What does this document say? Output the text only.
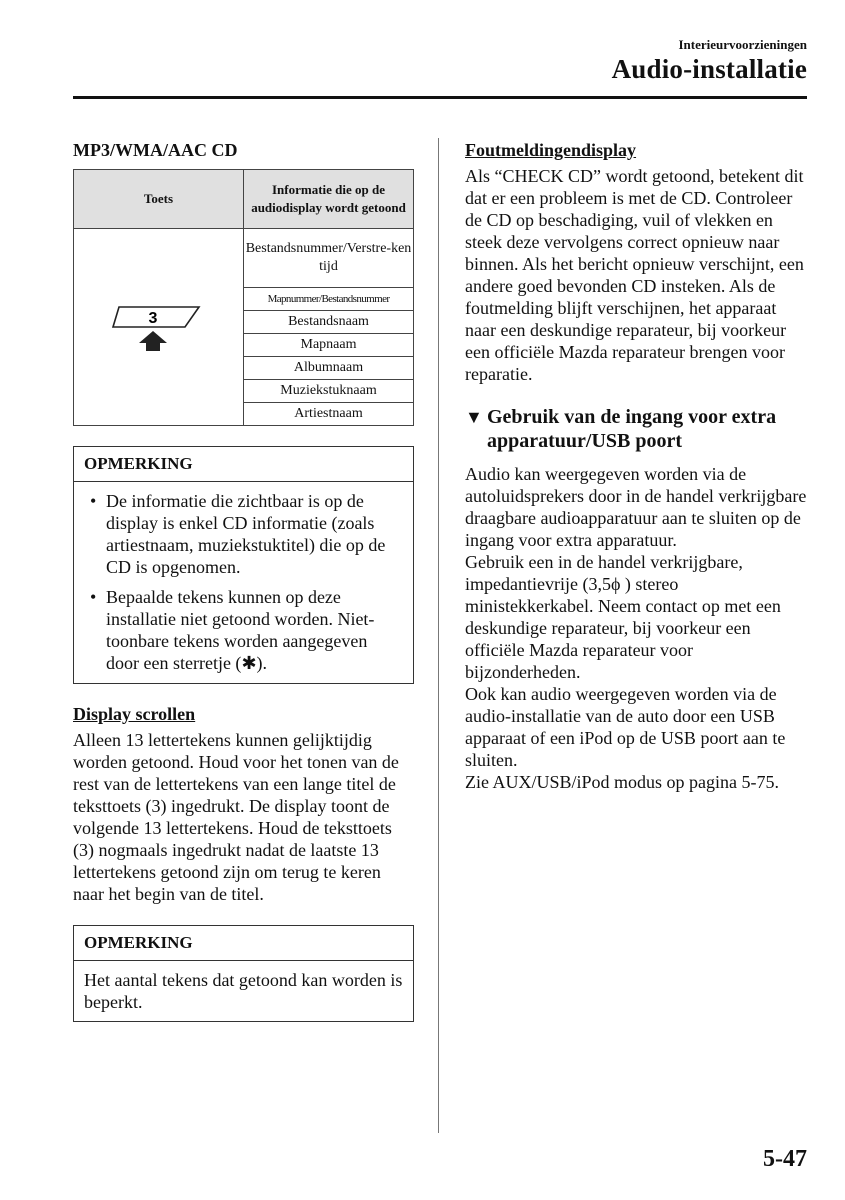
Interieurvoorzieningen
Audio-installatie
MP3/WMA/AAC CD
Toets	Informatie die op de audiodisplay wordt getoond

3	Bestandsnummer/Verstre-ken tijd
	Mapnummer/Bestandsnummer
	Bestandsnaam
	Mapnaam
	Albumnaam
	Muziekstuknaam
	Artiestnaam
OPMERKING
• De informatie die zichtbaar is op de display is enkel CD informatie (zoals artiestnaam, muziekstuktitel) die op de CD is opgenomen.
• Bepaalde tekens kunnen op deze installatie niet getoond worden. Niet-toonbare tekens worden aangegeven door een sterretje (✱).
Display scrollen

Alleen 13 lettertekens kunnen gelijktijdig worden getoond. Houd voor het tonen van de rest van de lettertekens van een lange titel de teksttoets (3) ingedrukt. De display toont de volgende 13 lettertekens. Houd de teksttoets (3) nogmaals ingedrukt nadat de laatste 13 lettertekens getoond zijn om terug te keren naar het begin van de titel.

OPMERKING

Het aantal tekens dat getoond kan worden is beperkt.

Foutmeldingendisplay

Als “CHECK CD” wordt getoond, betekent dit dat er een probleem is met de CD. Controleer de CD op beschadiging, vuil of vlekken en steek deze vervolgens correct opnieuw naar binnen. Als het bericht opnieuw verschijnt, een andere goed bevonden CD insteken. Als de foutmelding blijft verschijnen, het apparaat naar een deskundige reparateur, bij voorkeur een officiële Mazda reparateur brengen voor reparatie.

▼ Gebruik van de ingang voor extra apparatuur/USB poort

Audio kan weergegeven worden via de autoluidsprekers door in de handel verkrijgbare draagbare audioapparatuur aan te sluiten op de ingang voor extra apparatuur.

Gebruik een in de handel verkrijgbare, impedantievrije (3,5ϕ ) stereo ministekkerkabel. Neem contact op met een deskundige reparateur, bij voorkeur een officiële Mazda reparateur voor bijzonderheden.

Ook kan audio weergegeven worden via de audio-installatie van de auto door een USB apparaat of een iPod op de USB poort aan te sluiten.

Zie AUX/USB/iPod modus op pagina 5-75.

5-47
